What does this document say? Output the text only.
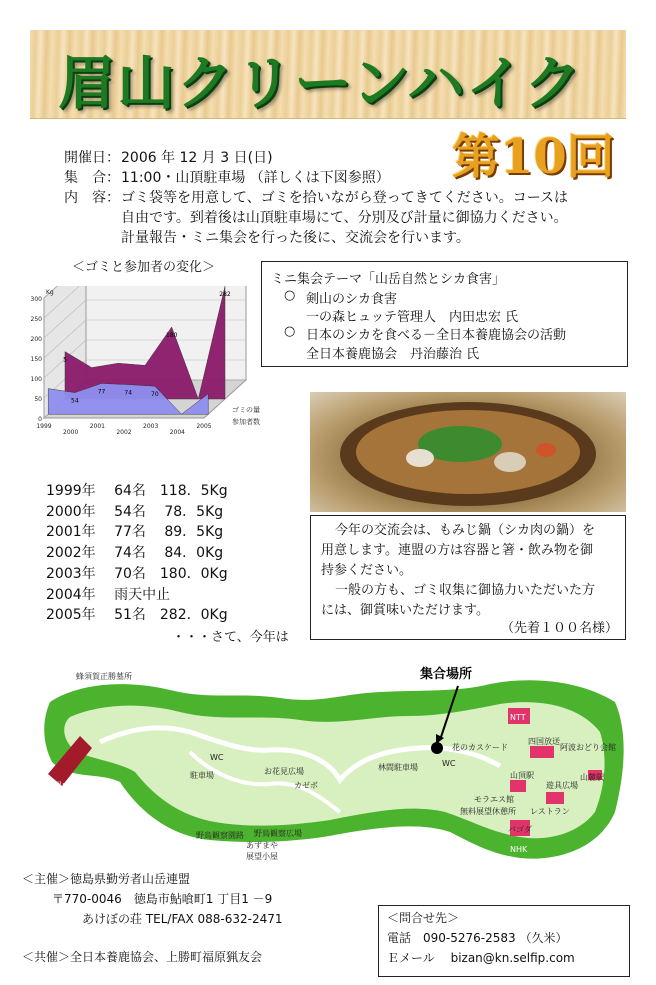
眉山クリーンハイク
第10回
開催日： 2006 年 12 月 3 日(日)
集　合： 11:00・山頂駐車場 （詳しくは下図参照）
内　容： ゴミ袋等を用意して、ゴミを拾いながら登ってきてください。コースは
自由です。到着後は山頂駐車場にて、分別及び計量に御協力ください。
計量報告・ミニ集会を行った後に、交流会を行います。
＜ゴミと参加者の変化＞
0
50
100
150
200
250
300
Kg
5
54
77	74	70
180
282
1999
2000
2001
2002
2003
2004
2005
ゴミの量
参加者数
1999年　 64名　118．5Kg
2000年　 54名　 78．5Kg
2001年　 77名　 89．5Kg
2002年　 74名　 84．0Kg
2003年　 70名　180．0Kg
2004年　 雨天中止
2005年　 51名　282．0Kg
・・・さて、今年は
ミニ集会テーマ「山岳自然とシカ食害」
○ 剣山のシカ食害
一の森ヒュッテ管理人　内田忠宏 氏
○ 日本のシカを食べる－全日本養鹿協会の活動
全日本養鹿協会　丹治藤治 氏
今年の交流会は、もみじ鍋（シカ肉の鍋）を
用意します。連盟の方は容器と箸・飲み物を御
持参ください。
一般の方も、ゴミ収集に御協力いただいた方
には、御賞味いただけます。
（先着１００名様）
集合場所
蜂須賀正勝墓所
眉山学習センター
WC
駐車場	お花見広場
カゼボ
野鳥観察園路 野鳥観察広場
あずまや
展望小屋
林間駐車場	WC
花のカスケード
NTT
四国放送
山頂駅
モラエス館
無料展望休憩所 レストラン
パゴダ
NHK
阿波おどり会館
山麓駅
遊具広場
＜主催＞徳島県勤労者山岳連盟
〒770-0046　徳島市鮎喰町1 丁目1 －9
あけぼの荘 TEL/FAX 088-632-2471
＜共催＞全日本養鹿協会、上勝町福原猟友会
＜問合せ先＞
電話　090-5276-2583 （久米）
Ｅメール　 bizan@kn.selfip.com
